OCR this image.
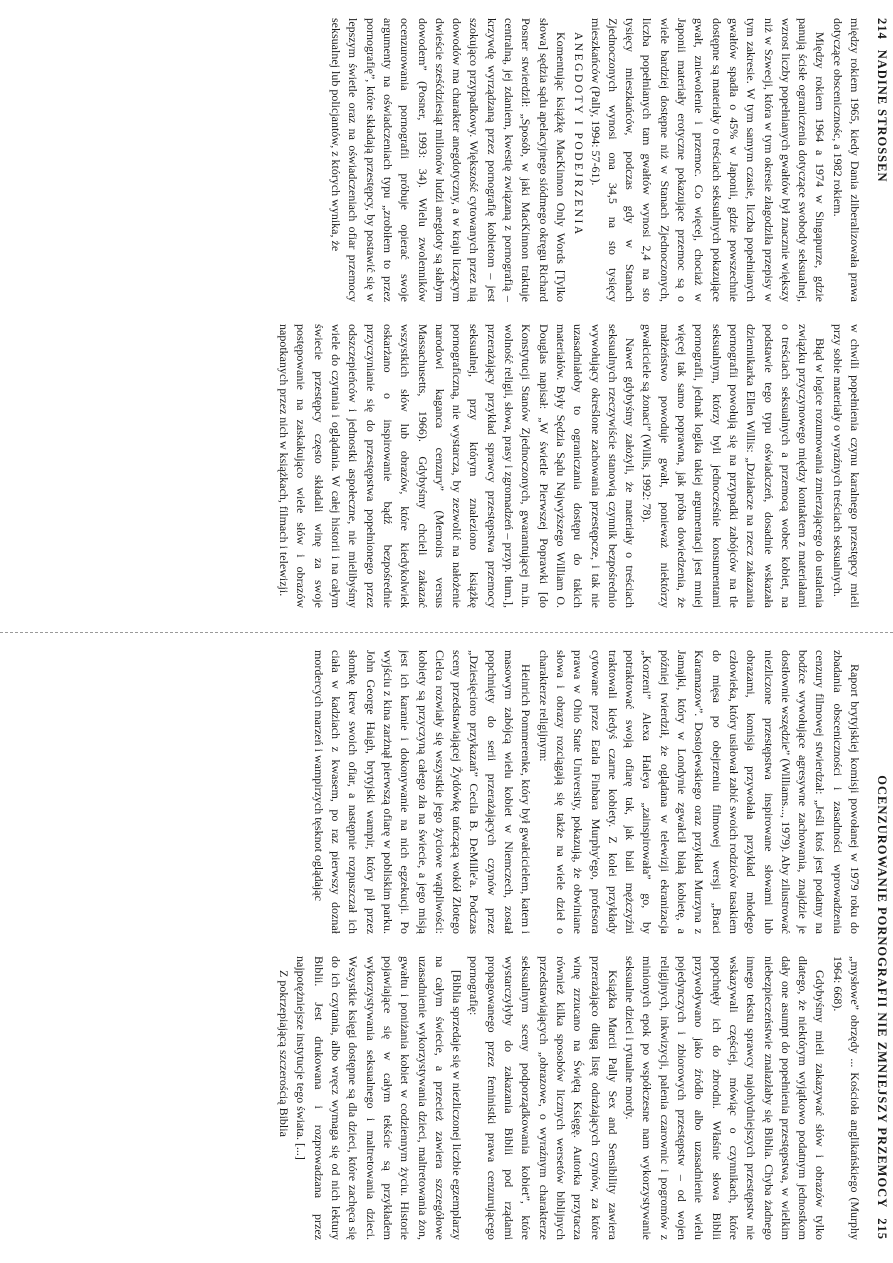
214
NADINE STROSSEN

między rokiem 1965, kiedy Dania zliberalizowała prawa dotyczące obscenicznośc, a 1982 rokiem.

Między rokiem 1964 a 1974 w Singapurze, gdzie panują ścisłe ograniczenia dotyczące swobody seksualnej, wzrost liczby popełnianych gwałtów był znacznie większy niż w Szwecji, która w tym okresie złagodziła przepisy w tym zakresie. W tym samym czasie, liczba popełnianych gwałtów spadła o 45% w Japonii, gdzie powszechnie dostępne są materiały o treściach seksualnych pokazujące gwałt, zniewolenie i przemoc. Co więcej, chociaż w Japonii materiały erotyczne pokazujące przemoc są o wiele bardziej dostępne niż w Stanach Zjednoczonych, liczba popełnianych tam gwałtów wynosi 2,4 na sto tysięcy mieszkańców, podczas gdy w Stanach Zjednoczonych wynosi ona 34,5 na sto tysięcy mieszkańców (Pally, 1994: 57-61).

ANEGDOTY I PODEJRZENIA

Komentując książkę MacKinnon Only Words [Tylko słowa] sędzia sądu apelacyjnego siódmego okręgu Richard Posner stwierdził: „Sposób, w jaki MacKinnon traktuje centralną, jej zdaniem, kwestię związaną z pornografią – krzywdę wyrządzaną przez pornografię kobietom – jest szokująco przypadkowy. Większość cytowanych przez nią dowodów ma charakter anegdotyczny, a w kraju liczącym dwieście sześćdziesiąt milionów ludzi anegdoty są słabym dowodem” (Posner, 1993: 34). Wielu zwolenników ocenzurowania pornografii próbuje opierać swoje argumenty na oświadczeniach typu „zrobiłem to przez pornografię”, które składają przestępcy, by postawić się w lepszym świetle oraz na oświadczeniach ofiar przemocy seksualnej lub policjantów, z których wynika, że

w chwili popełnienia czynu karalnego przestępcy mieli przy sobie materiały o wyraźnych treściach seksualnych.

Błąd w logice rozumowania zmierzającego do ustalenia związku przyczynowego między kontaktem z materiałami o treściach seksualnych a przemocą wobec kobiet, na podstawie tego typu oświadczeń, dosadnie wskazała dziennikarka Ellen Willis: „Działacze na rzecz zakazania pornografii powołują się na przypadki zabójców na tle seksualnym, którzy byli jednocześnie konsumentami pornografii, jednak logika takiej argumentacji jest mniej więcej tak samo poprawna, jak próba dowiedzenia, że małżeństwo powoduje gwałt, ponieważ niektórzy gwałciciele są żonaci” (Willis, 1992: 78).

Nawet gdybyśmy założyli, że materiały o treściach seksualnych rzeczywiście stanowią czynnik bezpośrednio wywołujący określone zachowania przestępcze, i tak nie uzasadniałoby to ograniczania dostępu do takich materiałów. Były Sędzia Sądu Najwyższego William O. Douglas napisał: „W świetle Pierwszej Poprawki [do Konstytucji Stanów Zjednoczonych, gwarantującej m.in. wolność religii, słowa, prasy i zgromadzeń – przyp. tłum.], przerażający przykład sprawcy przestępstwa przemocy seksualnej, przy którym znaleziono książkę pornograficzną, nie wystarcza, by zezwolić na nałożenie narodowi kaganca cenzury” (Memoirs versus Massachusetts, 1966). Gdybyśmy chcieli zakazać wszystkich słów lub obrazów, które kiedykolwiek oskarżano o inspirowanie bądź bezpośrednie przyczynianie się do przestępstwa popełnionego przez odszczepieńców i jednostki aspołeczne, nie mielibyśmy wiele do czytania i oglądania. W całej historii i na całym świecie przestępcy często składali winę za swoje postępowanie na zaskakująco wiele słów i obrazów napotkanych przez nich w książkach, filmach i telewizji.

OCENZUROWANIE PORNOGRAFII NIE ZMNIEJSZY PRZEMOCY
215

Raport brytyjskiej komisji powołanej w 1979 roku do zbadania obsceniczności i zasadności wprowadzenia cenzury filmowej stwierdzał: „Jeśli ktoś jest podatny na bodźce wywołujące agresywne zachowania, znajdzie je dostłownie wszędzie” (Williams..., 1979). Aby zilustrować niezliczone przestępstwa inspirowane słowami lub obrazami, komisja przywołała przykład młodego człowieka, który usiłował zabić swoich rodziców tasakiem do mięsa po obejrzeniu filmowej wersji „Braci Karamazow”. Dostojewskiego oraz przykład Murzyna z Jamajki, który w Londynie zgwałcił białą kobietę, a później twierdził, że oglądana w telewizji ekranizacja „Korzeni” Alexa Haleya „zainspirowała” go, by potraktować swoją ofiarę tak, jak biali mężczyźni traktowali kiedyś czarne kobiety. Z kolei przykłady cytowane przez Earla Finbara Murphy'ego, profesora prawa w Ohio State University, pokazują, że obwiniane słowa i obrazy rozciągają się także na wiele dzieł o charakterze religijnym:

Heinrich Pommerenke, który był gwałcicielem, katem i masowym zabójcą wielu kobiet w Niemczech, został popchnięty do serii przerażających czynów przez „Dziesięcioro przykazań” Cecila B. DeMille'a. Podczas sceny przedstawiającej Żydówkę tańczącą wokół Złotego Cielca rozwiały się wszystkie jego życiowe wątpliwości: kobiety są przyczyną całego zła na świecie, a jego misją jest ich karanie i dokonywanie na nich egzekucji. Po wyjściu z kina zarżnął pierwszą ofiarę w pobliskim parku. John George Haigh, brytyjski wampir, który pił przez słomkę krew swoich ofiar, a następnie rozpuszczał ich ciała w kadziach z kwasem, po raz pierwszy doznał mordercych marzeń i wampirzych tęsknot oglądając

„mysłowe” obrzędy ... Kościoła anglikańskiego (Murphy 1964: 668).

Gdybyśmy mieli zakazywać słów i obrazów tylko dlatego, że niektórym wyjątkowo podatnym jednostkom dały one asumpt do popełnienia przestępstwa, w wielkim niebezpieczeństwie znalazłaby się Biblia. Chyba żadnego innego tekstu sprawcy najohydniejszych przestępstw nie wskazywali częściej, mówiąc o czynnikach, które popchnęły ich do zbrodni. Właśnie słowa Biblii przywoływano jako źródło albo uzasadnienie wielu pojedynczych i zbiorowych przestępstw – od wojen religijnych, inkwizycji, palenia czarownic i pogromów z minionych epok po współczesne nam wykorzystywanie seksualne dzieci i rytualne mordy.

Książka Marcii Pally Sex and Sensibility zawiera przerażająco długą listę odrażających czynów, za które winę zrzucano na Świętą Księgę. Autorka przytacza również kilka sposobów licznych wersetów biblijnych przedstawiających „obrazowe, o wyraźnym charakterze seksualnym sceny podporządkowania kobiet”, które wystarczyłyby do zakazania Biblii pod rządami propagowanego przez feministki prawa cenzurującego pornografię:

[Biblia sprzedaje się w niezliczonej liczbie egzemplarzy na całym świecie, a przecież zawiera szczegółowe uzasadnienie wykorzystywania dzieci, maltretowania żon, gwałtu i poniżania kobiet w codziennym życiu. Historie pojawiające się w całym tekście są przykładem wykorzystywania seksualnego i maltretowania dzieci. Wszystkie księgi dostępne są dla dzieci, które zachęca się do ich czytania, albo wręcz wymaga się od nich lektury Biblii. Jest drukowana i rozprowadzana przez najpotężniejsze instytucje tego świata. [...]

Z pokrzepiającą szczerością Biblia
